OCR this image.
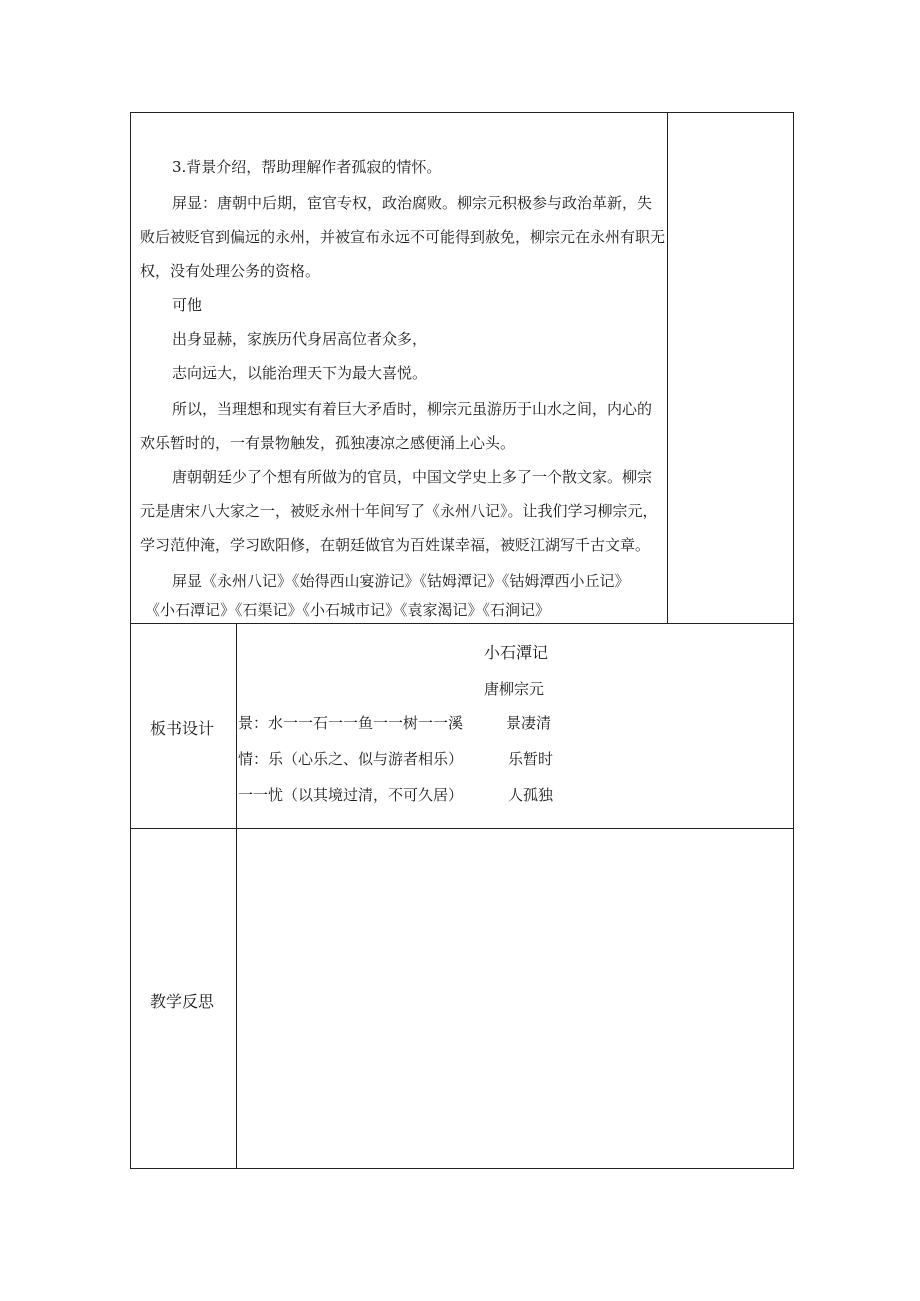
3.背景介绍，帮助理解作者孤寂的情怀。
屏显：唐朝中后期，宦官专权，政治腐败。柳宗元积极参与政治革新，失
败后被贬官到偏远的永州，并被宣布永远不可能得到赦免，柳宗元在永州有职无
权，没有处理公务的资格。
可他
出身显赫，家族历代身居高位者众多，
志向远大，以能治理天下为最大喜悦。
所以，当理想和现实有着巨大矛盾时，柳宗元虽游历于山水之间，内心的
欢乐暂时的，一有景物触发，孤独凄凉之感便涌上心头。
唐朝朝廷少了个想有所做为的官员，中国文学史上多了一个散文家。柳宗
元是唐宋八大家之一，被贬永州十年间写了《永州八记》。让我们学习柳宗元，
学习范仲淹，学习欧阳修，在朝廷做官为百姓谋幸福，被贬江湖写千古文章。
屏显《永州八记》《始得西山宴游记》《钴姆潭记》《钴姆潭西小丘记》
《小石潭记》《石渠记》《小石城市记》《袁家渴记》《石涧记》
板书设计
小石潭记
唐柳宗元
景：水一一石一一鱼一一树一一溪	景凄清
情：乐（心乐之、似与游者相乐）	乐暂时
一一忧（以其境过清，不可久居）	人孤独
教学反思
